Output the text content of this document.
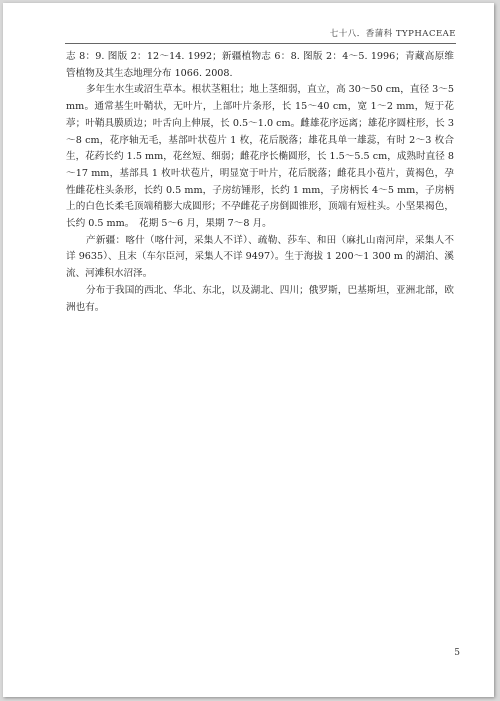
七十八．香蒲科 TYPHACEAE

志 8：9. 图版 2：12～14. 1992；新疆植物志 6：8. 图版 2：4～5. 1996；青藏高原维管植物及其生态地理分布 1066. 2008.

多年生水生或沼生草本。根状茎粗壮；地上茎细弱，直立，高 30～50 cm，直径 3～5 mm。通常基生叶鞘状，无叶片，上部叶片条形，长 15～40 cm，宽 1～2 mm，短于花葶；叶鞘具膜质边；叶舌向上伸展，长 0.5～1.0 cm。雌雄花序远离；雄花序圆柱形，长 3～8 cm，花序轴无毛，基部叶状苞片 1 枚，花后脱落；雄花具单一雄蕊，有时 2～3 枚合生，花药长约 1.5 mm，花丝短、细弱；雌花序长椭圆形，长 1.5～5.5 cm，成熟时直径 8～17 mm，基部具 1 枚叶状苞片，明显宽于叶片，花后脱落；雌花具小苞片，黄褐色，孕性雌花柱头条形，长约 0.5 mm，子房纺锤形，长约 1 mm，子房柄长 4～5 mm，子房柄上的白色长柔毛顶端稍膨大成圆形；不孕雌花子房倒圆锥形，顶端有短柱头。小坚果褐色，长约 0.5 mm。　花期 5～6 月，果期 7～8 月。

产新疆：喀什（喀什河，采集人不详）、疏勒、莎车、和田（麻扎山南河岸，采集人不详 9635）、且末（车尔臣河，采集人不详 9497）。生于海拔 1 200～1 300 m 的湖泊、溪流、河滩积水沼泽。

分布于我国的西北、华北、东北，以及湖北、四川；俄罗斯，巴基斯坦，亚洲北部，欧洲也有。

5
